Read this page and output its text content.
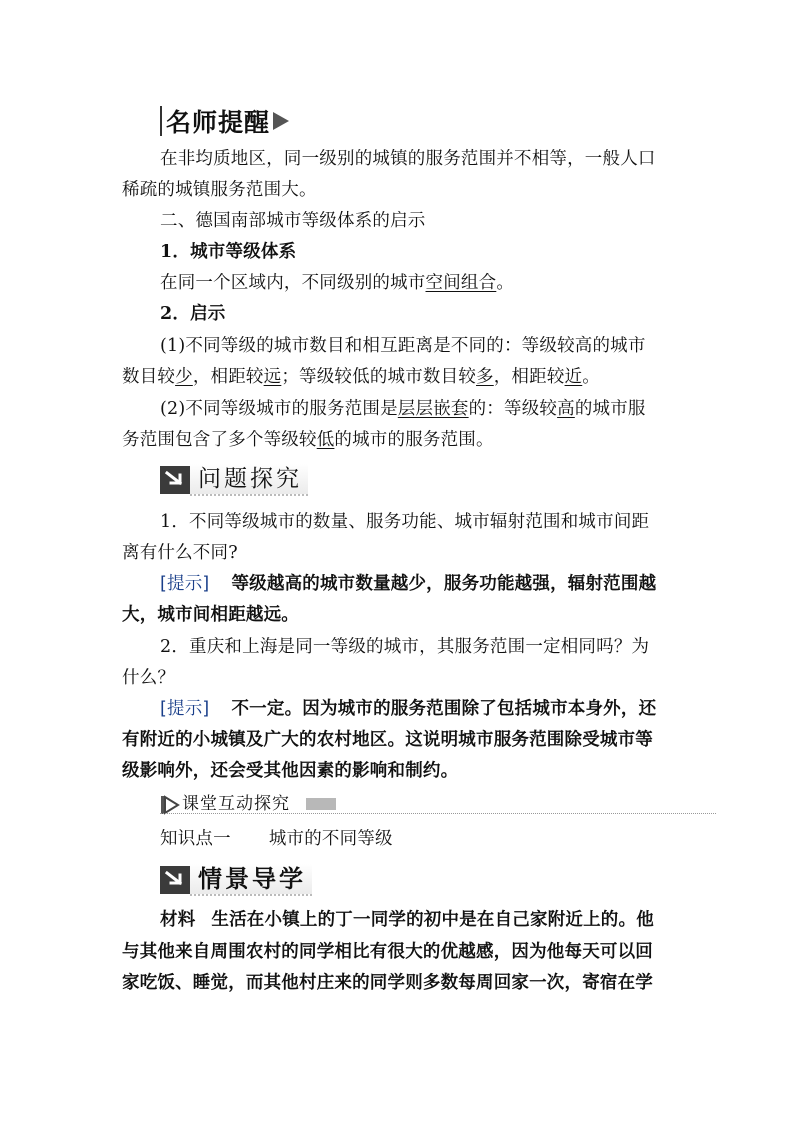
名师提醒
在非均质地区，同一级别的城镇的服务范围并不相等，一般人口
稀疏的城镇服务范围大。
二、德国南部城市等级体系的启示
1．城市等级体系
在同一个区域内，不同级别的城市空间组合。
2．启示
(1)不同等级的城市数目和相互距离是不同的：等级较高的城市
数目较少，相距较远；等级较低的城市数目较多，相距较近。
(2)不同等级城市的服务范围是层层嵌套的：等级较高的城市服
务范围包含了多个等级较低的城市的服务范围。
问题探究
1．不同等级城市的数量、服务功能、城市辐射范围和城市间距
离有什么不同?
[提示] 等级越高的城市数量越少，服务功能越强，辐射范围越
大，城市间相距越远。
2．重庆和上海是同一等级的城市，其服务范围一定相同吗？为
什么？
[提示] 不一定。因为城市的服务范围除了包括城市本身外，还
有附近的小城镇及广大的农村地区。这说明城市服务范围除受城市等
级影响外，还会受其他因素的影响和制约。
课堂互动探究
知识点一 城市的不同等级
情景导学
材料 生活在小镇上的丁一同学的初中是在自己家附近上的。他
与其他来自周围农村的同学相比有很大的优越感，因为他每天可以回
家吃饭、睡觉，而其他村庄来的同学则多数每周回家一次，寄宿在学
